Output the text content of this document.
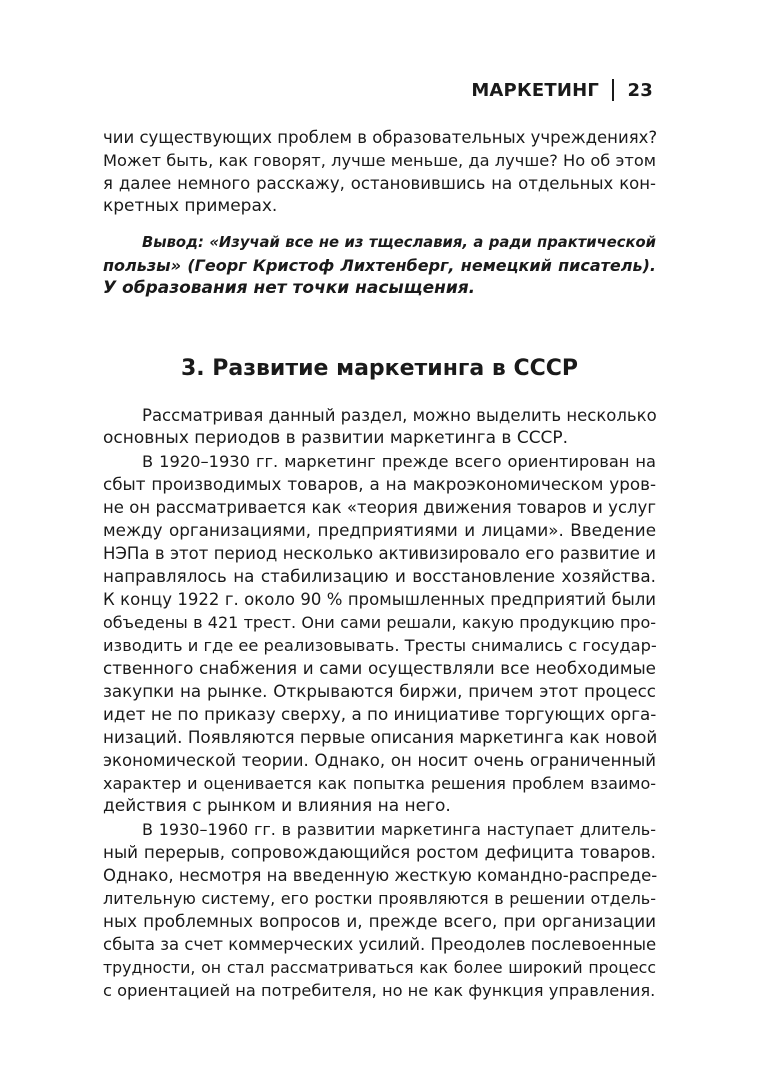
МАРКЕТИНГ 23
чии существующих проблем в образовательных учреждениях?
Может быть, как говорят, лучше меньше, да лучше? Но об этом
я далее немного расскажу, остановившись на отдельных кон-
кретных примерах.
Вывод: «Изучай все не из тщеславия, а ради практической
пользы» (Георг Кристоф Лихтенберг, немецкий писатель).
У образования нет точки насыщения.
3. Развитие маркетинга в СССР
Рассматривая данный раздел, можно выделить несколько
основных периодов в развитии маркетинга в СССР.
В 1920–1930 гг. маркетинг прежде всего ориентирован на
сбыт производимых товаров, а на макроэкономическом уров-
не он рассматривается как «теория движения товаров и услуг
между организациями, предприятиями и лицами». Введение
НЭПа в этот период несколько активизировало его развитие и
направлялось на стабилизацию и восстановление хозяйства.
К концу 1922 г. около 90 % промышленных предприятий были
объедены в 421 трест. Они сами решали, какую продукцию про-
изводить и где ее реализовывать. Тресты снимались с государ-
ственного снабжения и сами осуществляли все необходимые
закупки на рынке. Открываются биржи, причем этот процесс
идет не по приказу сверху, а по инициативе торгующих орга-
низаций. Появляются первые описания маркетинга как новой
экономической теории. Однако, он носит очень ограниченный
характер и оценивается как попытка решения проблем взаимо-
действия с рынком и влияния на него.
В 1930–1960 гг. в развитии маркетинга наступает длитель-
ный перерыв, сопровождающийся ростом дефицита товаров.
Однако, несмотря на введенную жесткую командно-распреде-
лительную систему, его ростки проявляются в решении отдель-
ных проблемных вопросов и, прежде всего, при организации
сбыта за счет коммерческих усилий. Преодолев послевоенные
трудности, он стал рассматриваться как более широкий процесс
с ориентацией на потребителя, но не как функция управления.
